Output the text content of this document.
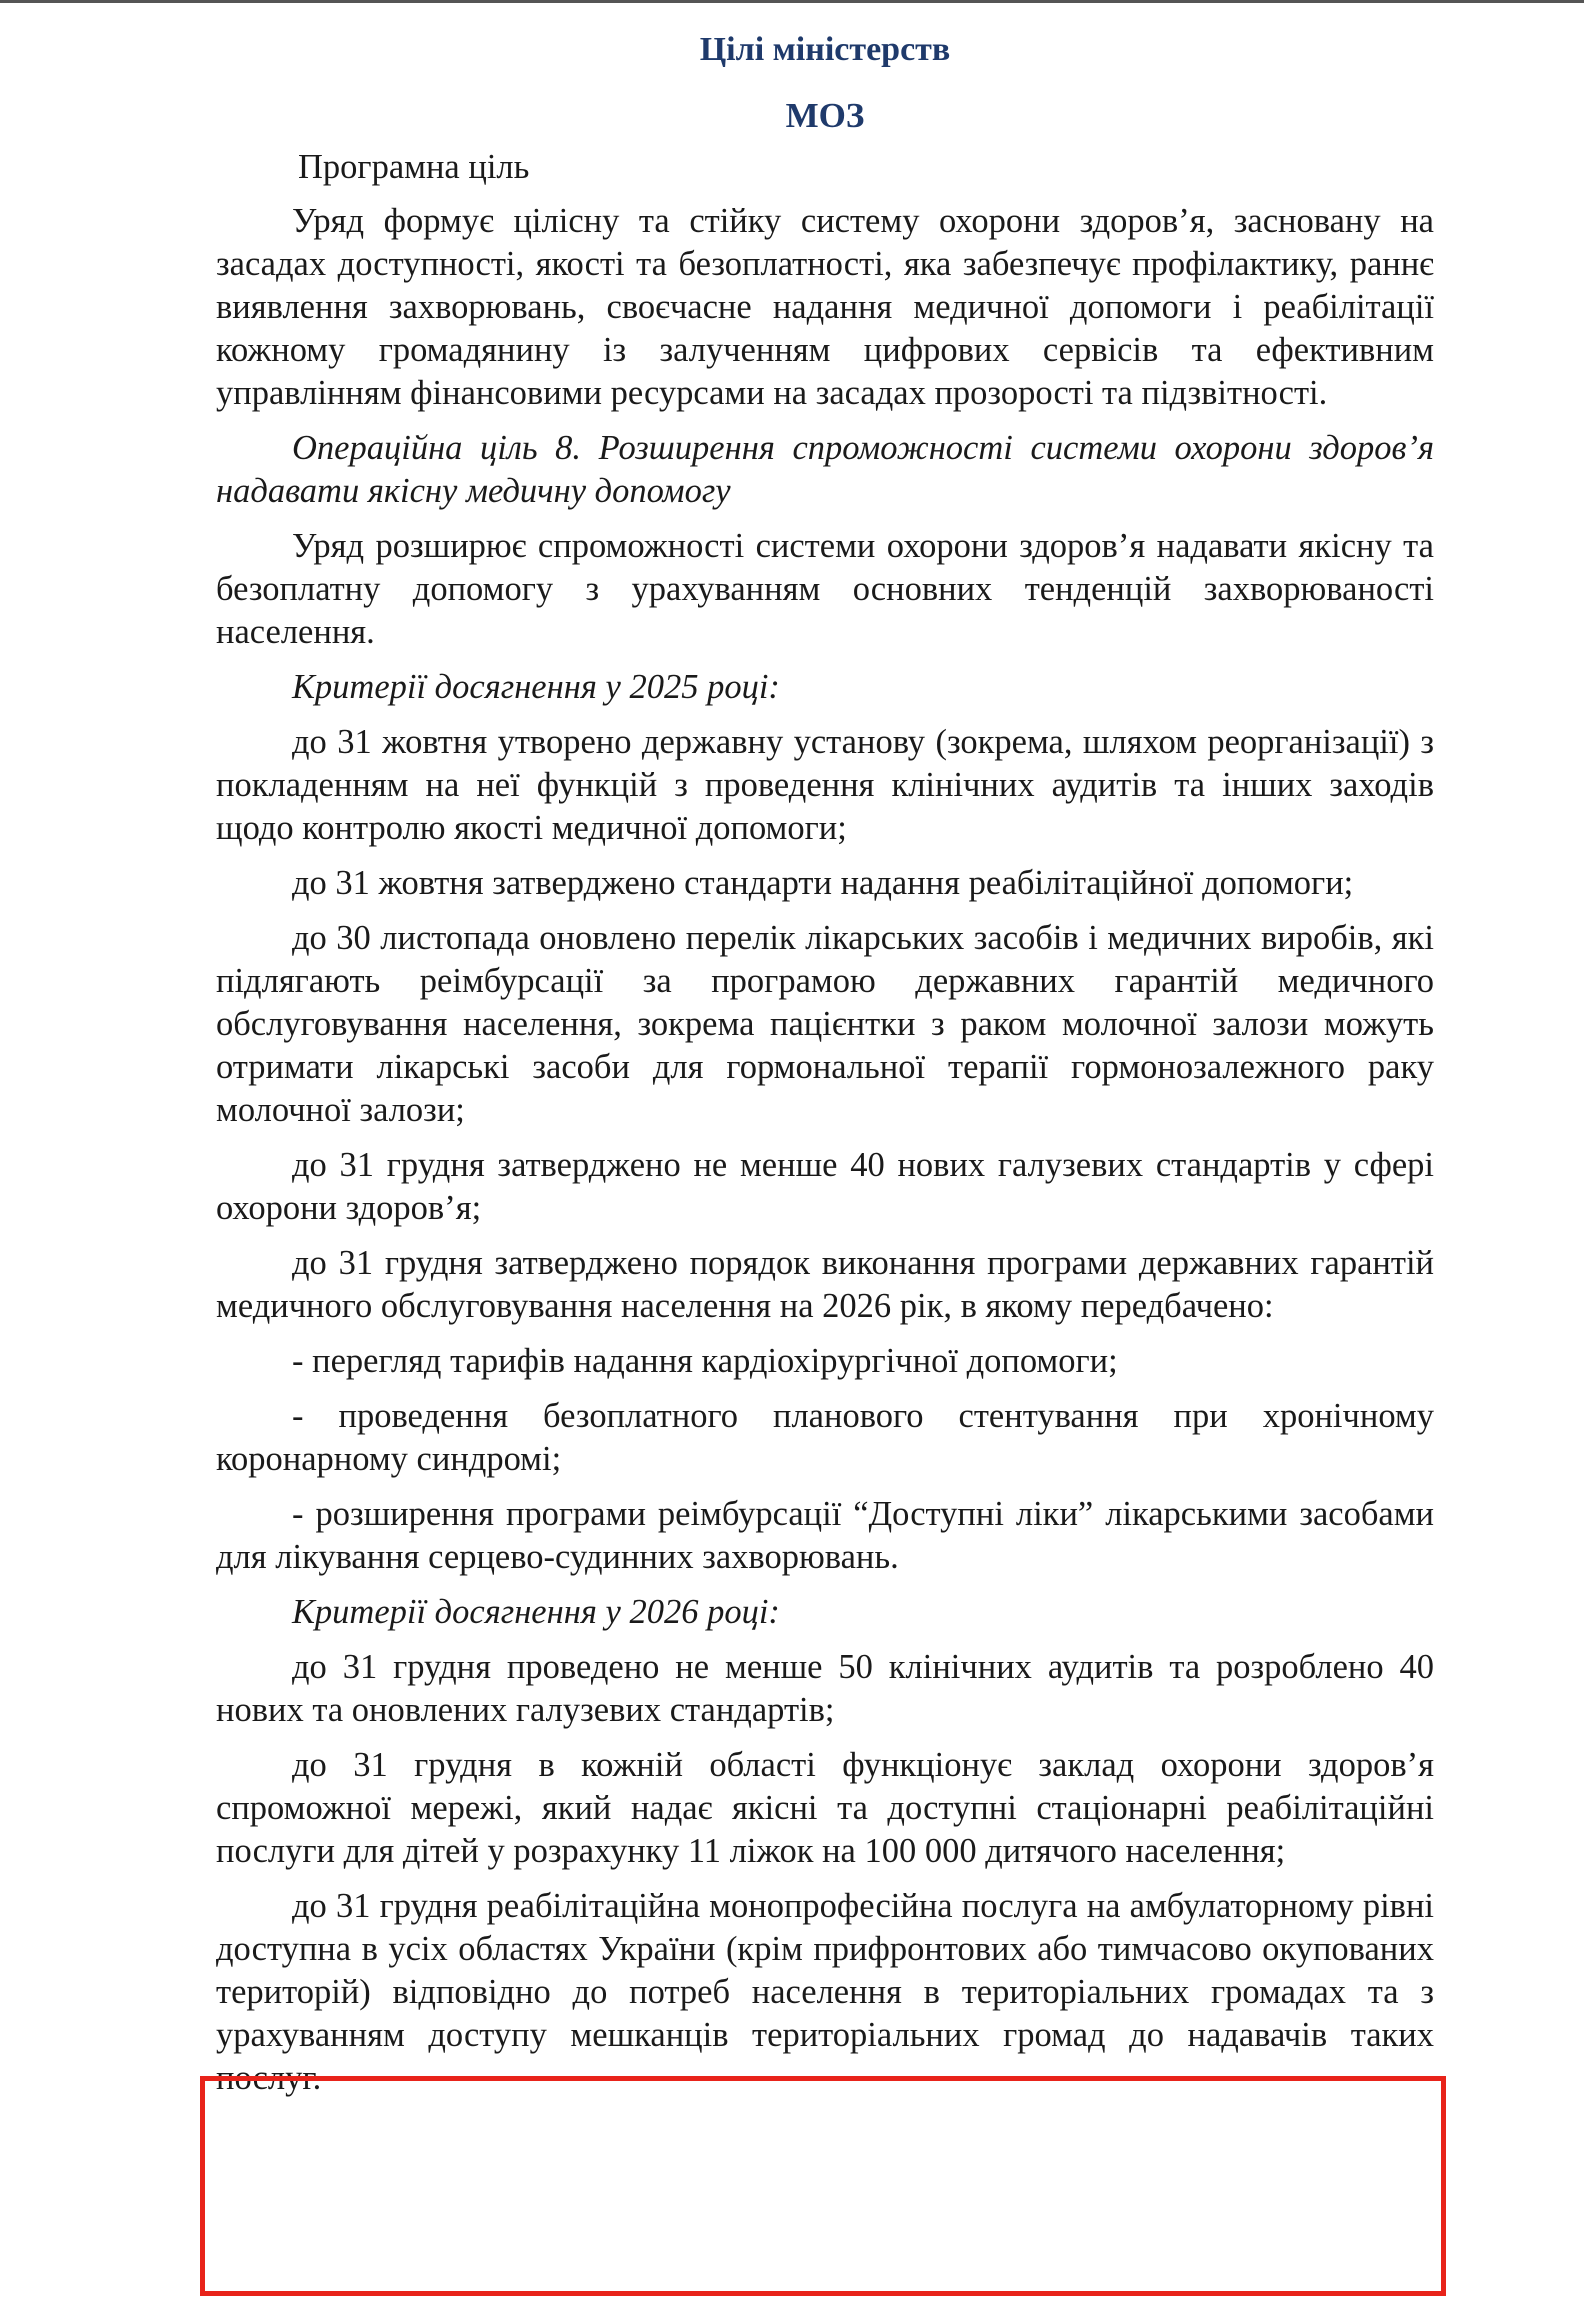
Цілі міністерств
МОЗ

Програмна ціль

Уряд формує цілісну та стійку систему охорони здоров’я, засновану на засадах доступності, якості та безоплатності, яка забезпечує профілактику, раннє виявлення захворювань, своєчасне надання медичної допомоги і реабілітації кожному громадянину із залученням цифрових сервісів та ефективним управлінням фінансовими ресурсами на засадах прозорості та підзвітності.

Операційна ціль 8. Розширення спроможності системи охорони здоров’я надавати якісну медичну допомогу

Уряд розширює спроможності системи охорони здоров’я надавати якісну та безоплатну допомогу з урахуванням основних тенденцій захворюваності населення.

Критерії досягнення у 2025 році:

до 31 жовтня утворено державну установу (зокрема, шляхом реорганізації) з покладенням на неї функцій з проведення клінічних аудитів та інших заходів щодо контролю якості медичної допомоги;

до 31 жовтня затверджено стандарти надання реабілітаційної допомоги;

до 30 листопада оновлено перелік лікарських засобів і медичних виробів, які підлягають реімбурсації за програмою державних гарантій медичного обслуговування населення, зокрема пацієнтки з раком молочної залози можуть отримати лікарські засоби для гормональної терапії гормонозалежного раку молочної залози;

до 31 грудня затверджено не менше 40 нових галузевих стандартів у сфері охорони здоров’я;

до 31 грудня затверджено порядок виконання програми державних гарантій медичного обслуговування населення на 2026 рік, в якому передбачено:

- перегляд тарифів надання кардіохірургічної допомоги;

- проведення безоплатного планового стентування при хронічному коронарному синдромі;

- розширення програми реімбурсації “Доступні ліки” лікарськими засобами для лікування серцево-судинних захворювань.

Критерії досягнення у 2026 році:

до 31 грудня проведено не менше 50 клінічних аудитів та розроблено 40 нових та оновлених галузевих стандартів;

до 31 грудня в кожній області функціонує заклад охорони здоров’я спроможної мережі, який надає якісні та доступні стаціонарні реабілітаційні послуги для дітей у розрахунку 11 ліжок на 100 000 дитячого населення;

до 31 грудня реабілітаційна монопрофесійна послуга на амбулаторному рівні доступна в усіх областях України (крім прифронтових або тимчасово окупованих територій) відповідно до потреб населення в територіальних громадах та з урахуванням доступу мешканців територіальних громад до надавачів таких послуг.
